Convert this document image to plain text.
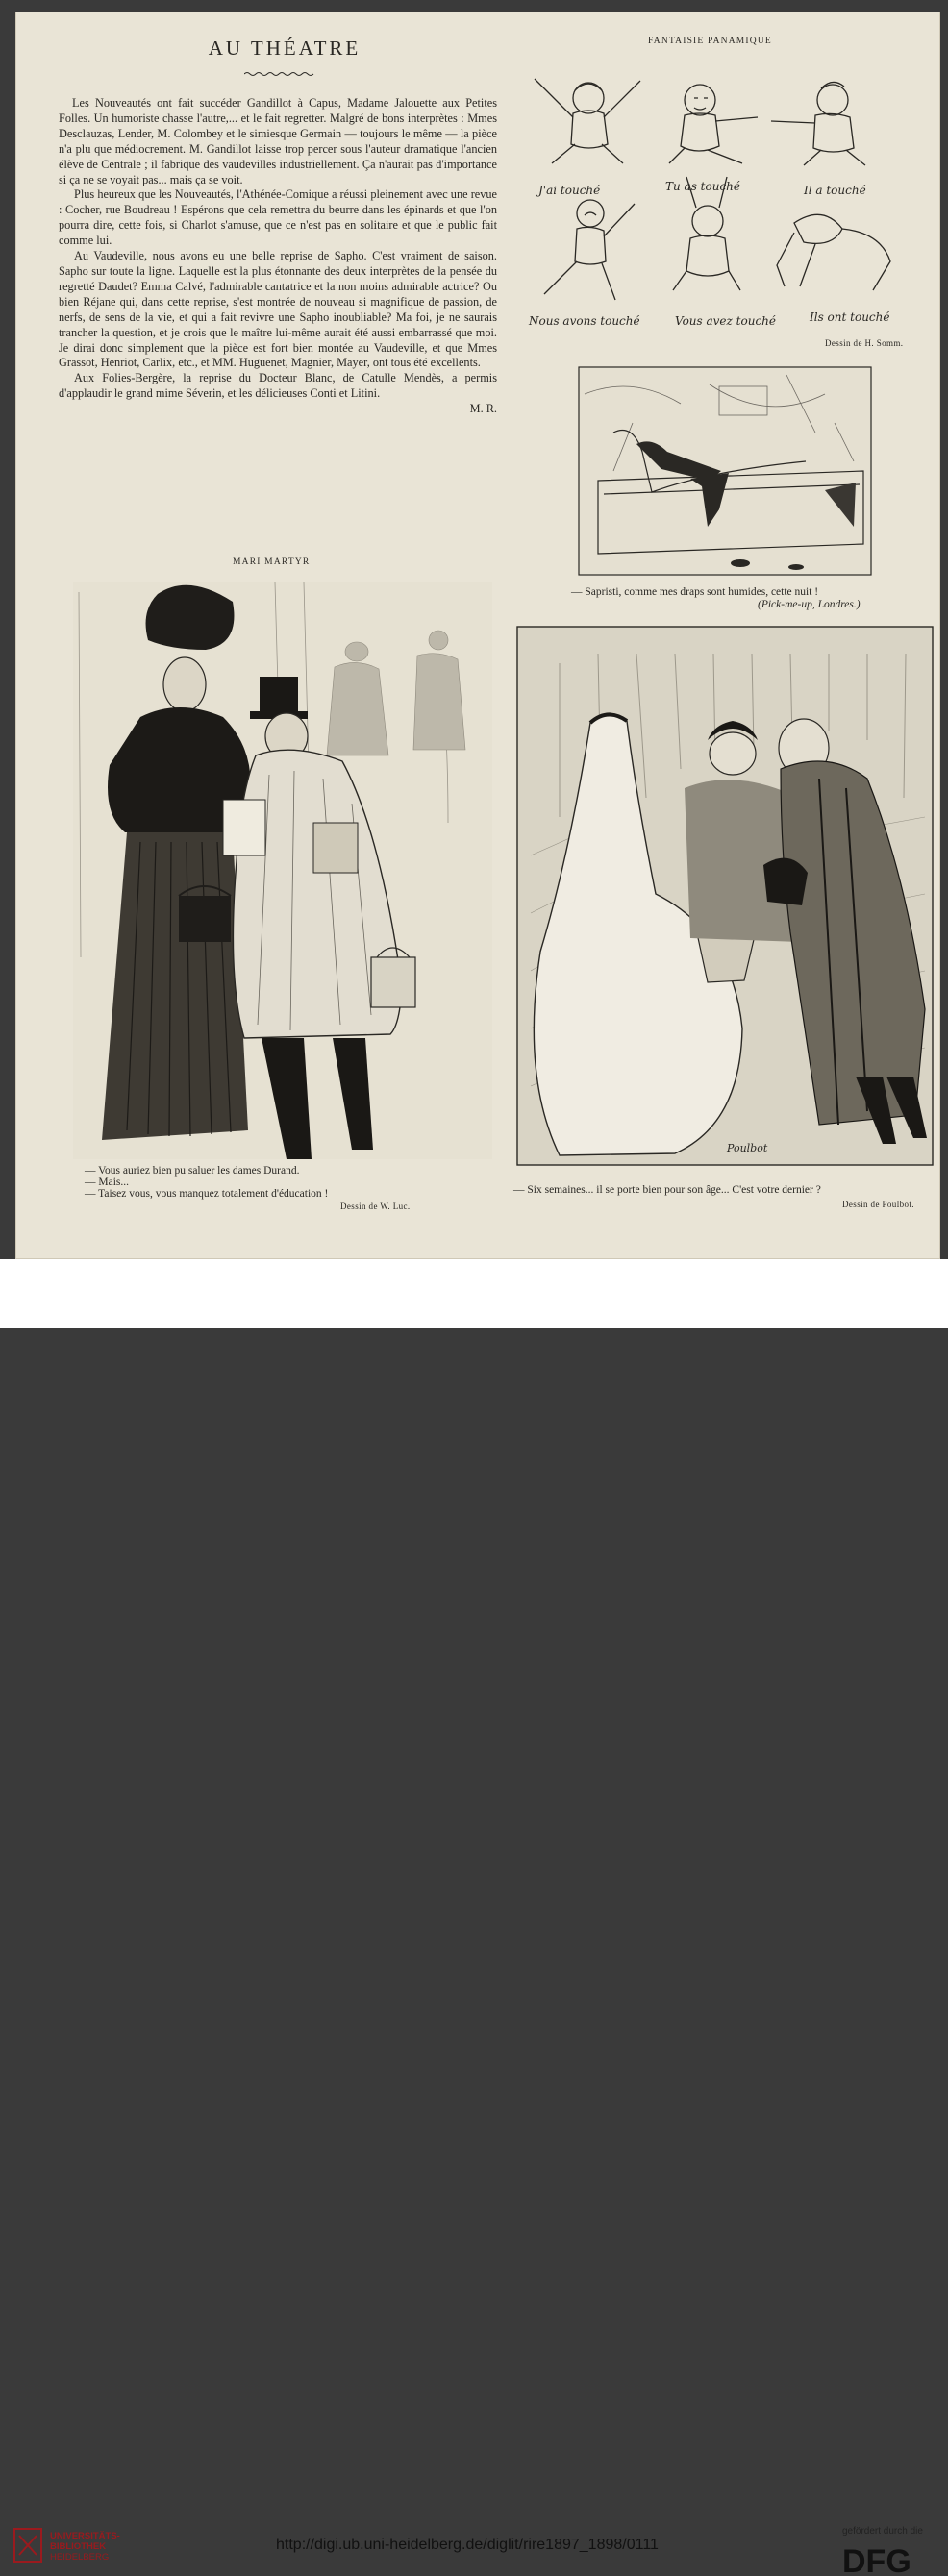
AU THÉATRE

Les Nouveautés ont fait succéder Gandillot à Capus, Madame Jalouette aux Petites Folles. Un humoriste chasse l'autre,... et le fait regretter. Malgré de bons interprètes : Mmes Desclauzas, Lender, M. Colombey et le simiesque Germain — toujours le même — la pièce n'a plu que médiocrement. M. Gandillot laisse trop percer sous l'auteur dramatique l'ancien élève de Centrale ; il fabrique des vaudevilles industriellement. Ça n'aurait pas d'importance si ça ne se voyait pas... mais ça se voit.

Plus heureux que les Nouveautés, l'Athénée-Comique a réussi pleinement avec une revue : Cocher, rue Boudreau ! Espérons que cela remettra du beurre dans les épinards et que l'on pourra dire, cette fois, si Charlot s'amuse, que ce n'est pas en solitaire et que le public fait comme lui.

Au Vaudeville, nous avons eu une belle reprise de Sapho. C'est vraiment de saison. Sapho sur toute la ligne. Laquelle est la plus étonnante des deux interprètes de la pensée du regretté Daudet? Emma Calvé, l'admirable cantatrice et la non moins admirable actrice? Ou bien Réjane qui, dans cette reprise, s'est montrée de nouveau si magnifique de passion, de nerfs, de sens de la vie, et qui a fait revivre une Sapho inoubliable? Ma foi, je ne saurais trancher la question, et je crois que le maître lui-même aurait été aussi embarrassé que moi. Je dirai donc simplement que la pièce est fort bien montée au Vaudeville, et que Mmes Grassot, Henriot, Carlix, etc., et MM. Huguenet, Magnier, Mayer, ont tous été excellents.

Aux Folies-Bergère, la reprise du Docteur Blanc, de Catulle Mendès, a permis d'applaudir le grand mime Séverin, et les délicieuses Conti et Litini.

M. R.

FANTAISIE PANAMIQUE
J'ai touché	Tu as touché	Il a touché
Nous avons touché	Vous avez touché	Ils ont touché
Dessin de H. Somm.
— Sapristi, comme mes draps sont humides, cette nuit !
(Pick-me-up, Londres.)
MARI MARTYR
— Vous auriez bien pu saluer les dames Durand.
— Mais...
— Taisez vous, vous manquez totalement d'éducation !
Dessin de W. Luc.
Poulbot
— Six semaines... il se porte bien pour son âge... C'est votre dernier ?
Dessin de Poulbot.
UNIVERSITÄTS-
BIBLIOTHEK
HEIDELBERG
http://digi.ub.uni-heidelberg.de/diglit/rire1897_1898/0111
gefördert durch die
DFG
